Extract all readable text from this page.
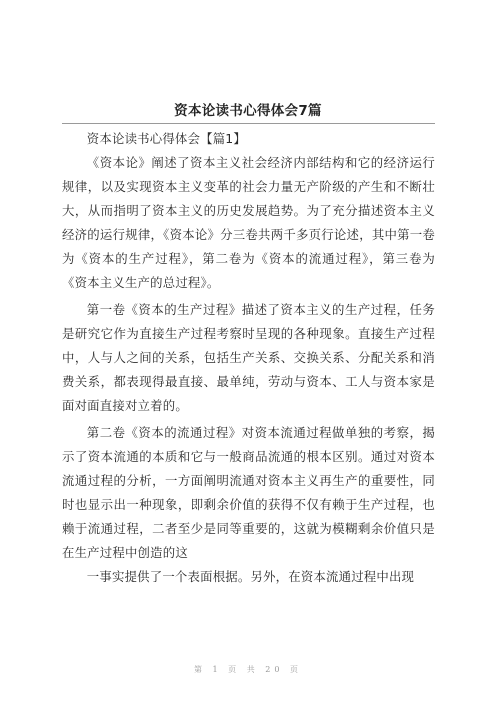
资本论读书心得体会7篇

资本论读书心得体会【篇1】

《资本论》阐述了资本主义社会经济内部结构和它的经济运行规律，以及实现资本主义变革的社会力量无产阶级的产生和不断壮大，从而指明了资本主义的历史发展趋势。为了充分描述资本主义经济的运行规律，《资本论》分三卷共两千多页行论述，其中第一卷为《资本的生产过程》，第二卷为《资本的流通过程》，第三卷为《资本主义生产的总过程》。

第一卷《资本的生产过程》描述了资本主义的生产过程，任务是研究它作为直接生产过程考察时呈现的各种现象。直接生产过程中，人与人之间的关系，包括生产关系、交换关系、分配关系和消费关系，都表现得最直接、最单纯，劳动与资本、工人与资本家是面对面直接对立着的。

第二卷《资本的流通过程》对资本流通过程做单独的考察，揭示了资本流通的本质和它与一般商品流通的根本区别。通过对资本流通过程的分析，一方面阐明流通对资本主义再生产的重要性，同时也显示出一种现象，即剩余价值的获得不仅有赖于生产过程，也赖于流通过程，二者至少是同等重要的，这就为模糊剩余价值只是在生产过程中创造的这

一事实提供了一个表面根据。另外，在资本流通过程中出现

第 1 页 共 20 页
